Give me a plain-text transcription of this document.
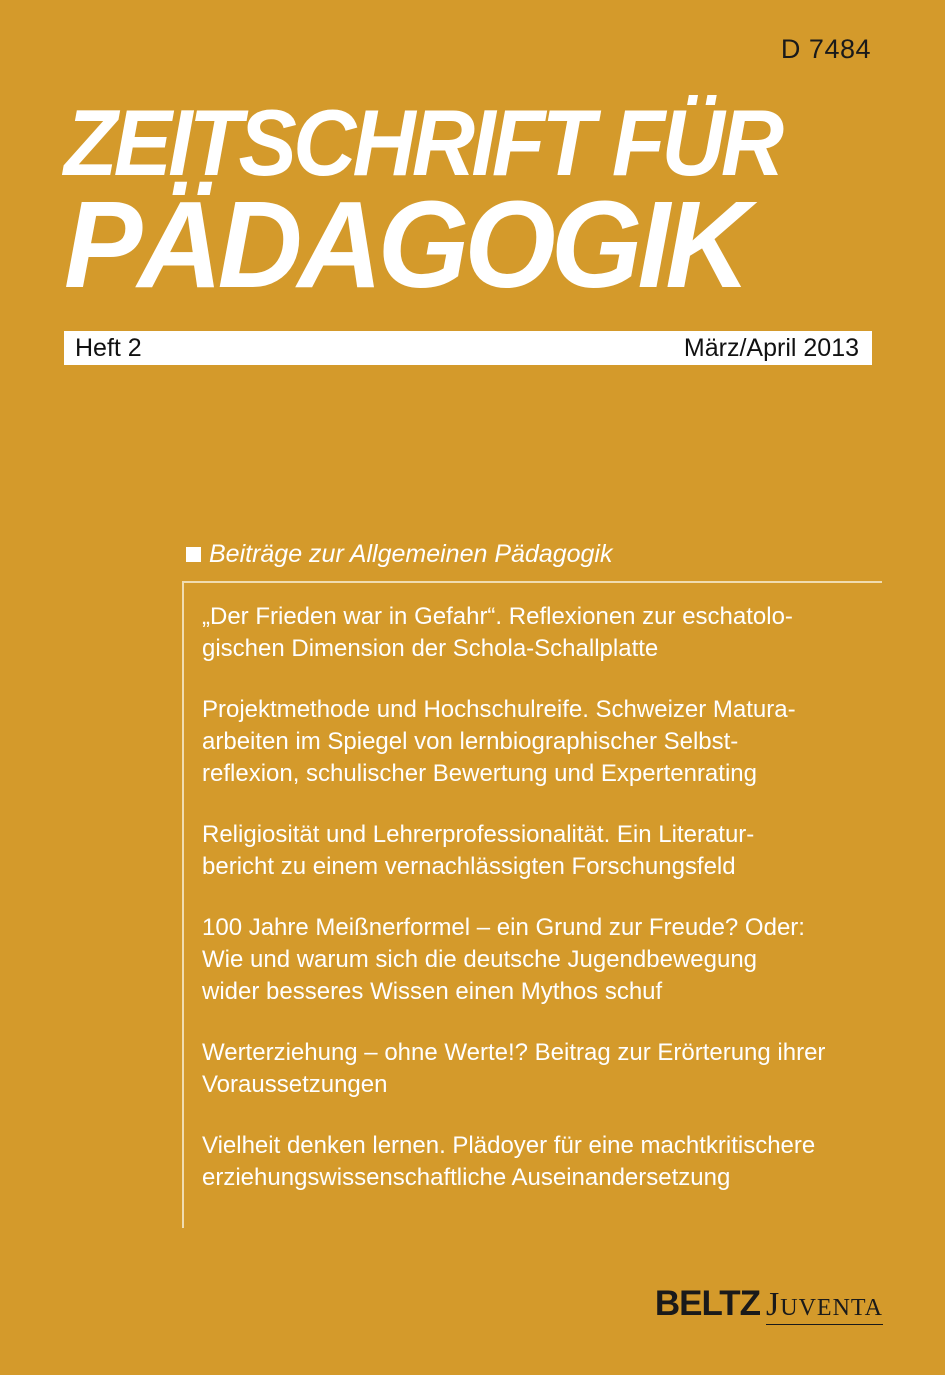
D 7484
ZEITSCHRIFT FÜR
PÄDAGOGIK
Heft 2	März/April 2013
Beiträge zur Allgemeinen Pädagogik

„Der Frieden war in Gefahr“. Reflexionen zur eschatolo-
gischen Dimension der Schola-Schallplatte

Projektmethode und Hochschulreife. Schweizer Matura-
arbeiten im Spiegel von lernbiographischer Selbst-
reflexion, schulischer Bewertung und Expertenrating

Religiosität und Lehrerprofessionalität. Ein Literatur-
bericht zu einem vernachlässigten Forschungsfeld

100 Jahre Meißnerformel – ein Grund zur Freude? Oder:
Wie und warum sich die deutsche Jugendbewegung
wider besseres Wissen einen Mythos schuf

Werterziehung – ohne Werte!? Beitrag zur Erörterung ihrer
Voraussetzungen

Vielheit denken lernen. Plädoyer für eine machtkritischere
erziehungswissenschaftliche Auseinandersetzung

BELTZ Juventa
